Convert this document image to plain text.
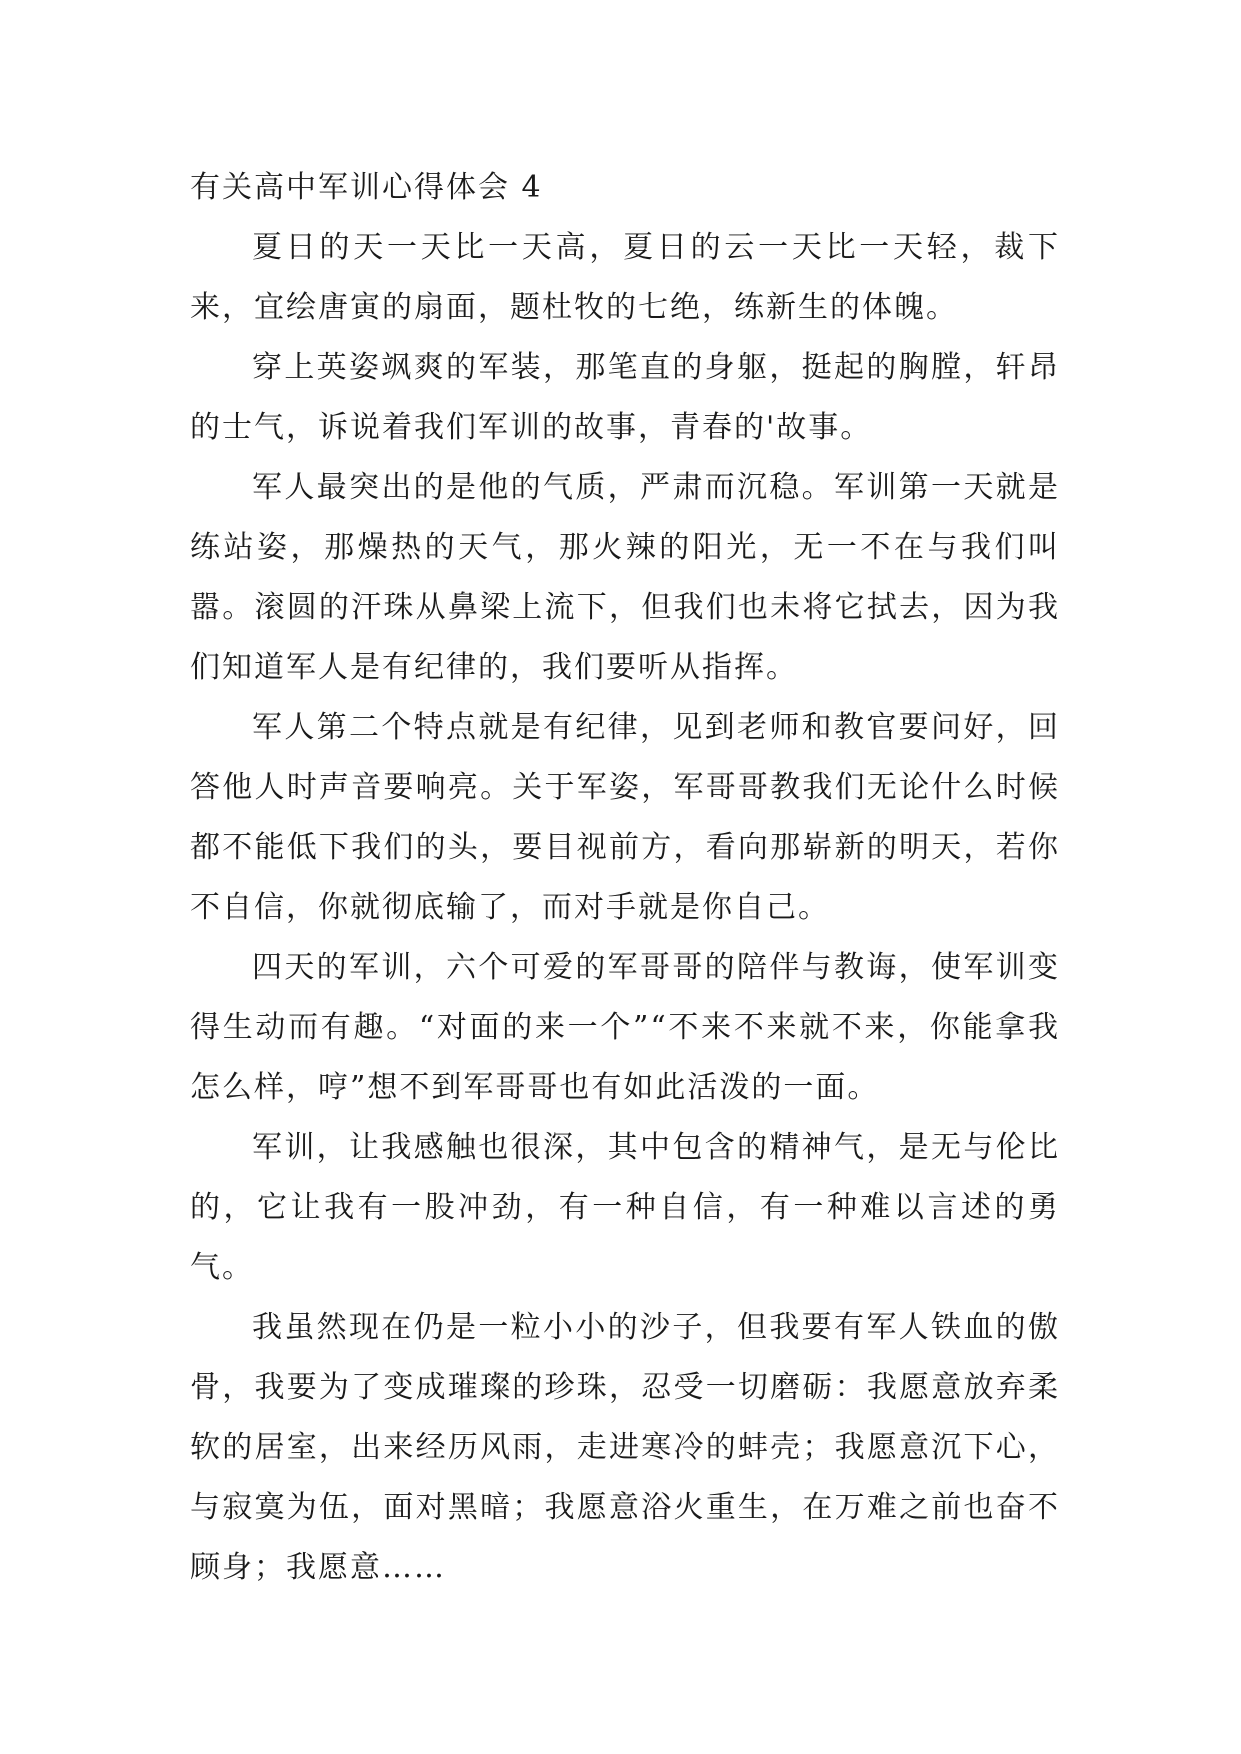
有关高中军训心得体会 4

夏日的天一天比一天高，夏日的云一天比一天轻，裁下来，宜绘唐寅的扇面，题杜牧的七绝，练新生的体魄。

穿上英姿飒爽的军装，那笔直的身躯，挺起的胸膛，轩昂的士气，诉说着我们军训的故事，青春的'故事。

军人最突出的是他的气质，严肃而沉稳。军训第一天就是练站姿，那燥热的天气，那火辣的阳光，无一不在与我们叫嚣。滚圆的汗珠从鼻梁上流下，但我们也未将它拭去，因为我们知道军人是有纪律的，我们要听从指挥。

军人第二个特点就是有纪律，见到老师和教官要问好，回答他人时声音要响亮。关于军姿，军哥哥教我们无论什么时候都不能低下我们的头，要目视前方，看向那崭新的明天，若你不自信，你就彻底输了，而对手就是你自己。

四天的军训，六个可爱的军哥哥的陪伴与教诲，使军训变得生动而有趣。“对面的来一个”“不来不来就不来，你能拿我怎么样，哼”想不到军哥哥也有如此活泼的一面。

军训，让我感触也很深，其中包含的精神气，是无与伦比的，它让我有一股冲劲，有一种自信，有一种难以言述的勇气。

我虽然现在仍是一粒小小的沙子，但我要有军人铁血的傲骨，我要为了变成璀璨的珍珠，忍受一切磨砺：我愿意放弃柔软的居室，出来经历风雨，走进寒冷的蚌壳；我愿意沉下心，与寂寞为伍，面对黑暗；我愿意浴火重生，在万难之前也奋不顾身；我愿意……
